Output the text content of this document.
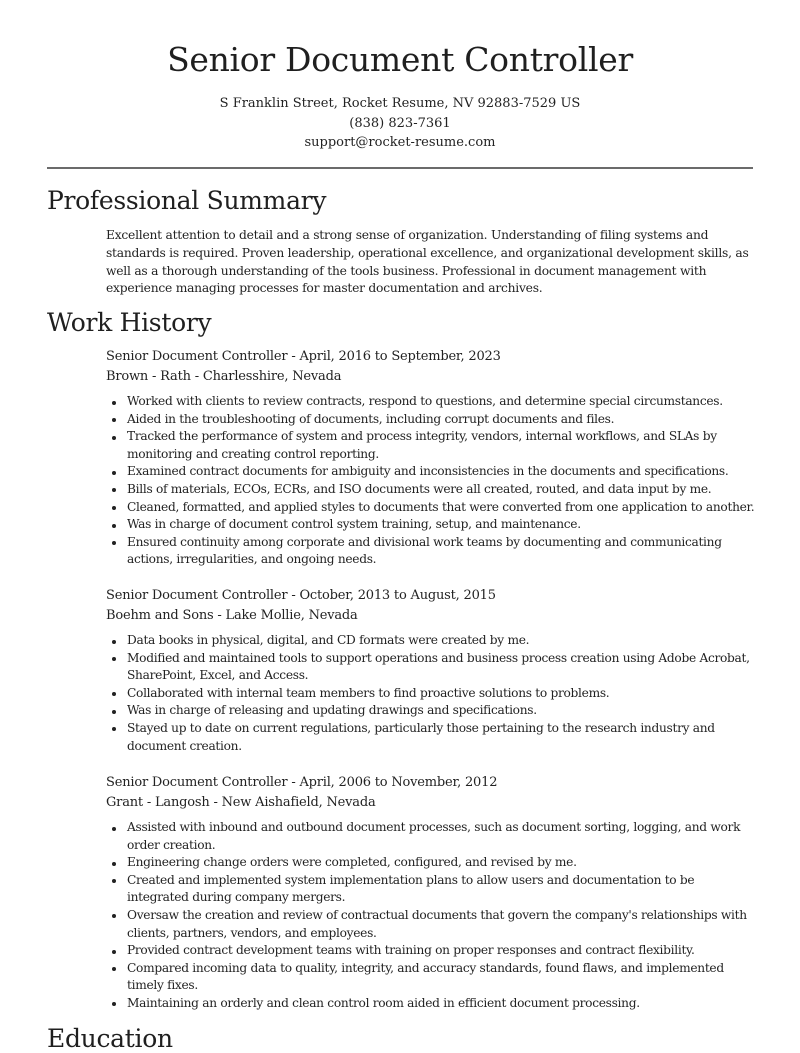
Senior Document Controller
S Franklin Street, Rocket Resume, NV 92883-7529 US
(838) 823-7361
support@rocket-resume.com
Professional Summary

Excellent attention to detail and a strong sense of organization. Understanding of filing systems and standards is required. Proven leadership, operational excellence, and organizational development skills, as well as a thorough understanding of the tools business. Professional in document management with experience managing processes for master documentation and archives.

Work History
Senior Document Controller - April, 2016 to September, 2023
Brown - Rath - Charlesshire, Nevada
Worked with clients to review contracts, respond to questions, and determine special circumstances.
Aided in the troubleshooting of documents, including corrupt documents and files.
Tracked the performance of system and process integrity, vendors, internal workflows, and SLAs by monitoring and creating control reporting.
Examined contract documents for ambiguity and inconsistencies in the documents and specifications.
Bills of materials, ECOs, ECRs, and ISO documents were all created, routed, and data input by me.
Cleaned, formatted, and applied styles to documents that were converted from one application to another.
Was in charge of document control system training, setup, and maintenance.
Ensured continuity among corporate and divisional work teams by documenting and communicating actions, irregularities, and ongoing needs.
Senior Document Controller - October, 2013 to August, 2015
Boehm and Sons - Lake Mollie, Nevada
Data books in physical, digital, and CD formats were created by me.
Modified and maintained tools to support operations and business process creation using Adobe Acrobat, SharePoint, Excel, and Access.
Collaborated with internal team members to find proactive solutions to problems.
Was in charge of releasing and updating drawings and specifications.
Stayed up to date on current regulations, particularly those pertaining to the research industry and document creation.
Senior Document Controller - April, 2006 to November, 2012
Grant - Langosh - New Aishafield, Nevada
Assisted with inbound and outbound document processes, such as document sorting, logging, and work order creation.
Engineering change orders were completed, configured, and revised by me.
Created and implemented system implementation plans to allow users and documentation to be integrated during company mergers.
Oversaw the creation and review of contractual documents that govern the company's relationships with clients, partners, vendors, and employees.
Provided contract development teams with training on proper responses and contract flexibility.
Compared incoming data to quality, integrity, and accuracy standards, found flaws, and implemented timely fixes.
Maintaining an orderly and clean control room aided in efficient document processing.
Education
